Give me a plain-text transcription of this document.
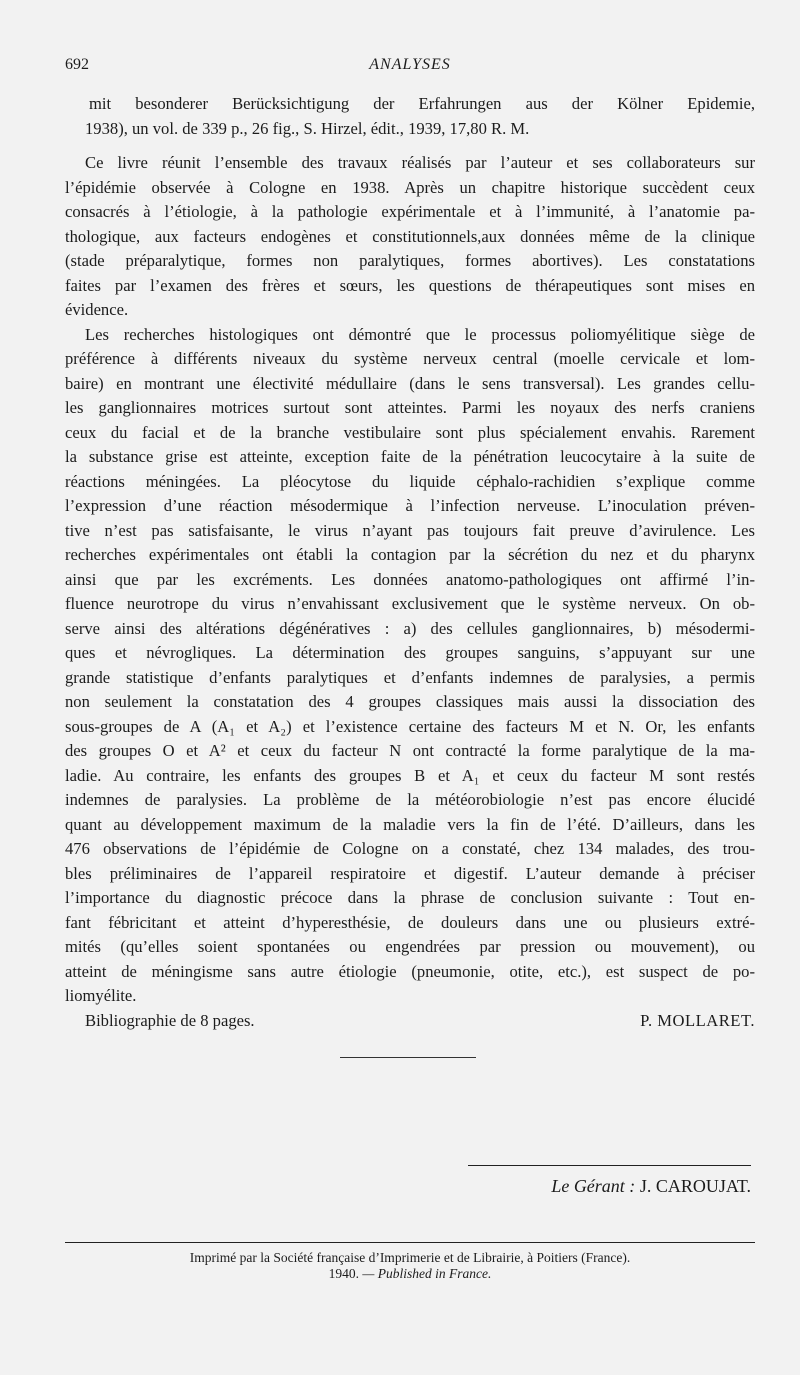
692	ANALYSES
mit besonderer Berücksichtigung der Erfahrungen aus der Kölner Epidemie,
1938), un vol. de 339 p., 26 fig., S. Hirzel, édit., 1939, 17,80 R. M.
Ce livre réunit l’ensemble des travaux réalisés par l’auteur et ses collaborateurs sur
l’épidémie observée à Cologne en 1938. Après un chapitre historique succèdent ceux
consacrés à l’étiologie, à la pathologie expérimentale et à l’immunité, à l’anatomie pa-
thologique, aux facteurs endogènes et constitutionnels,aux données même de la clinique
(stade préparalytique, formes non paralytiques, formes abortives). Les constatations
faites par l’examen des frères et sœurs, les questions de thérapeutiques sont mises en
évidence.
Les recherches histologiques ont démontré que le processus poliomyélitique siège de
préférence à différents niveaux du système nerveux central (moelle cervicale et lom-
baire) en montrant une électivité médullaire (dans le sens transversal). Les grandes cellu-
les ganglionnaires motrices surtout sont atteintes. Parmi les noyaux des nerfs craniens
ceux du facial et de la branche vestibulaire sont plus spécialement envahis. Rarement
la substance grise est atteinte, exception faite de la pénétration leucocytaire à la suite de
réactions méningées. La pléocytose du liquide céphalo-rachidien s’explique comme
l’expression d’une réaction mésodermique à l’infection nerveuse. L’inoculation préven-
tive n’est pas satisfaisante, le virus n’ayant pas toujours fait preuve d’avirulence. Les
recherches expérimentales ont établi la contagion par la sécrétion du nez et du pharynx
ainsi que par les excréments. Les données anatomo-pathologiques ont affirmé l’in-
fluence neurotrope du virus n’envahissant exclusivement que le système nerveux. On ob-
serve ainsi des altérations dégénératives : a) des cellules ganglionnaires, b) mésodermi-
ques et névrogliques. La détermination des groupes sanguins, s’appuyant sur une
grande statistique d’enfants paralytiques et d’enfants indemnes de paralysies, a permis
non seulement la constatation des 4 groupes classiques mais aussi la dissociation des
sous-groupes de A (A₁ et A₂) et l’existence certaine des facteurs M et N. Or, les enfants
des groupes O et A² et ceux du facteur N ont contracté la forme paralytique de la ma-
ladie. Au contraire, les enfants des groupes B et A₁ et ceux du facteur M sont restés
indemnes de paralysies. La problème de la météorobiologie n’est pas encore élucidé
quant au développement maximum de la maladie vers la fin de l’été. D’ailleurs, dans les
476 observations de l’épidémie de Cologne on a constaté, chez 134 malades, des trou-
bles préliminaires de l’appareil respiratoire et digestif. L’auteur demande à préciser
l’importance du diagnostic précoce dans la phrase de conclusion suivante : Tout en-
fant fébricitant et atteint d’hyperesthésie, de douleurs dans une ou plusieurs extré-
mités (qu’elles soient spontanées ou engendrées par pression ou mouvement), ou
atteint de méningisme sans autre étiologie (pneumonie, otite, etc.), est suspect de po-
liomyélite.
Bibliographie de 8 pages.	P. MOLLARET.
Le Gérant : J. CAROUJAT.
Imprimé par la Société française d’Imprimerie et de Librairie, à Poitiers (France).
1940. — Published in France.
